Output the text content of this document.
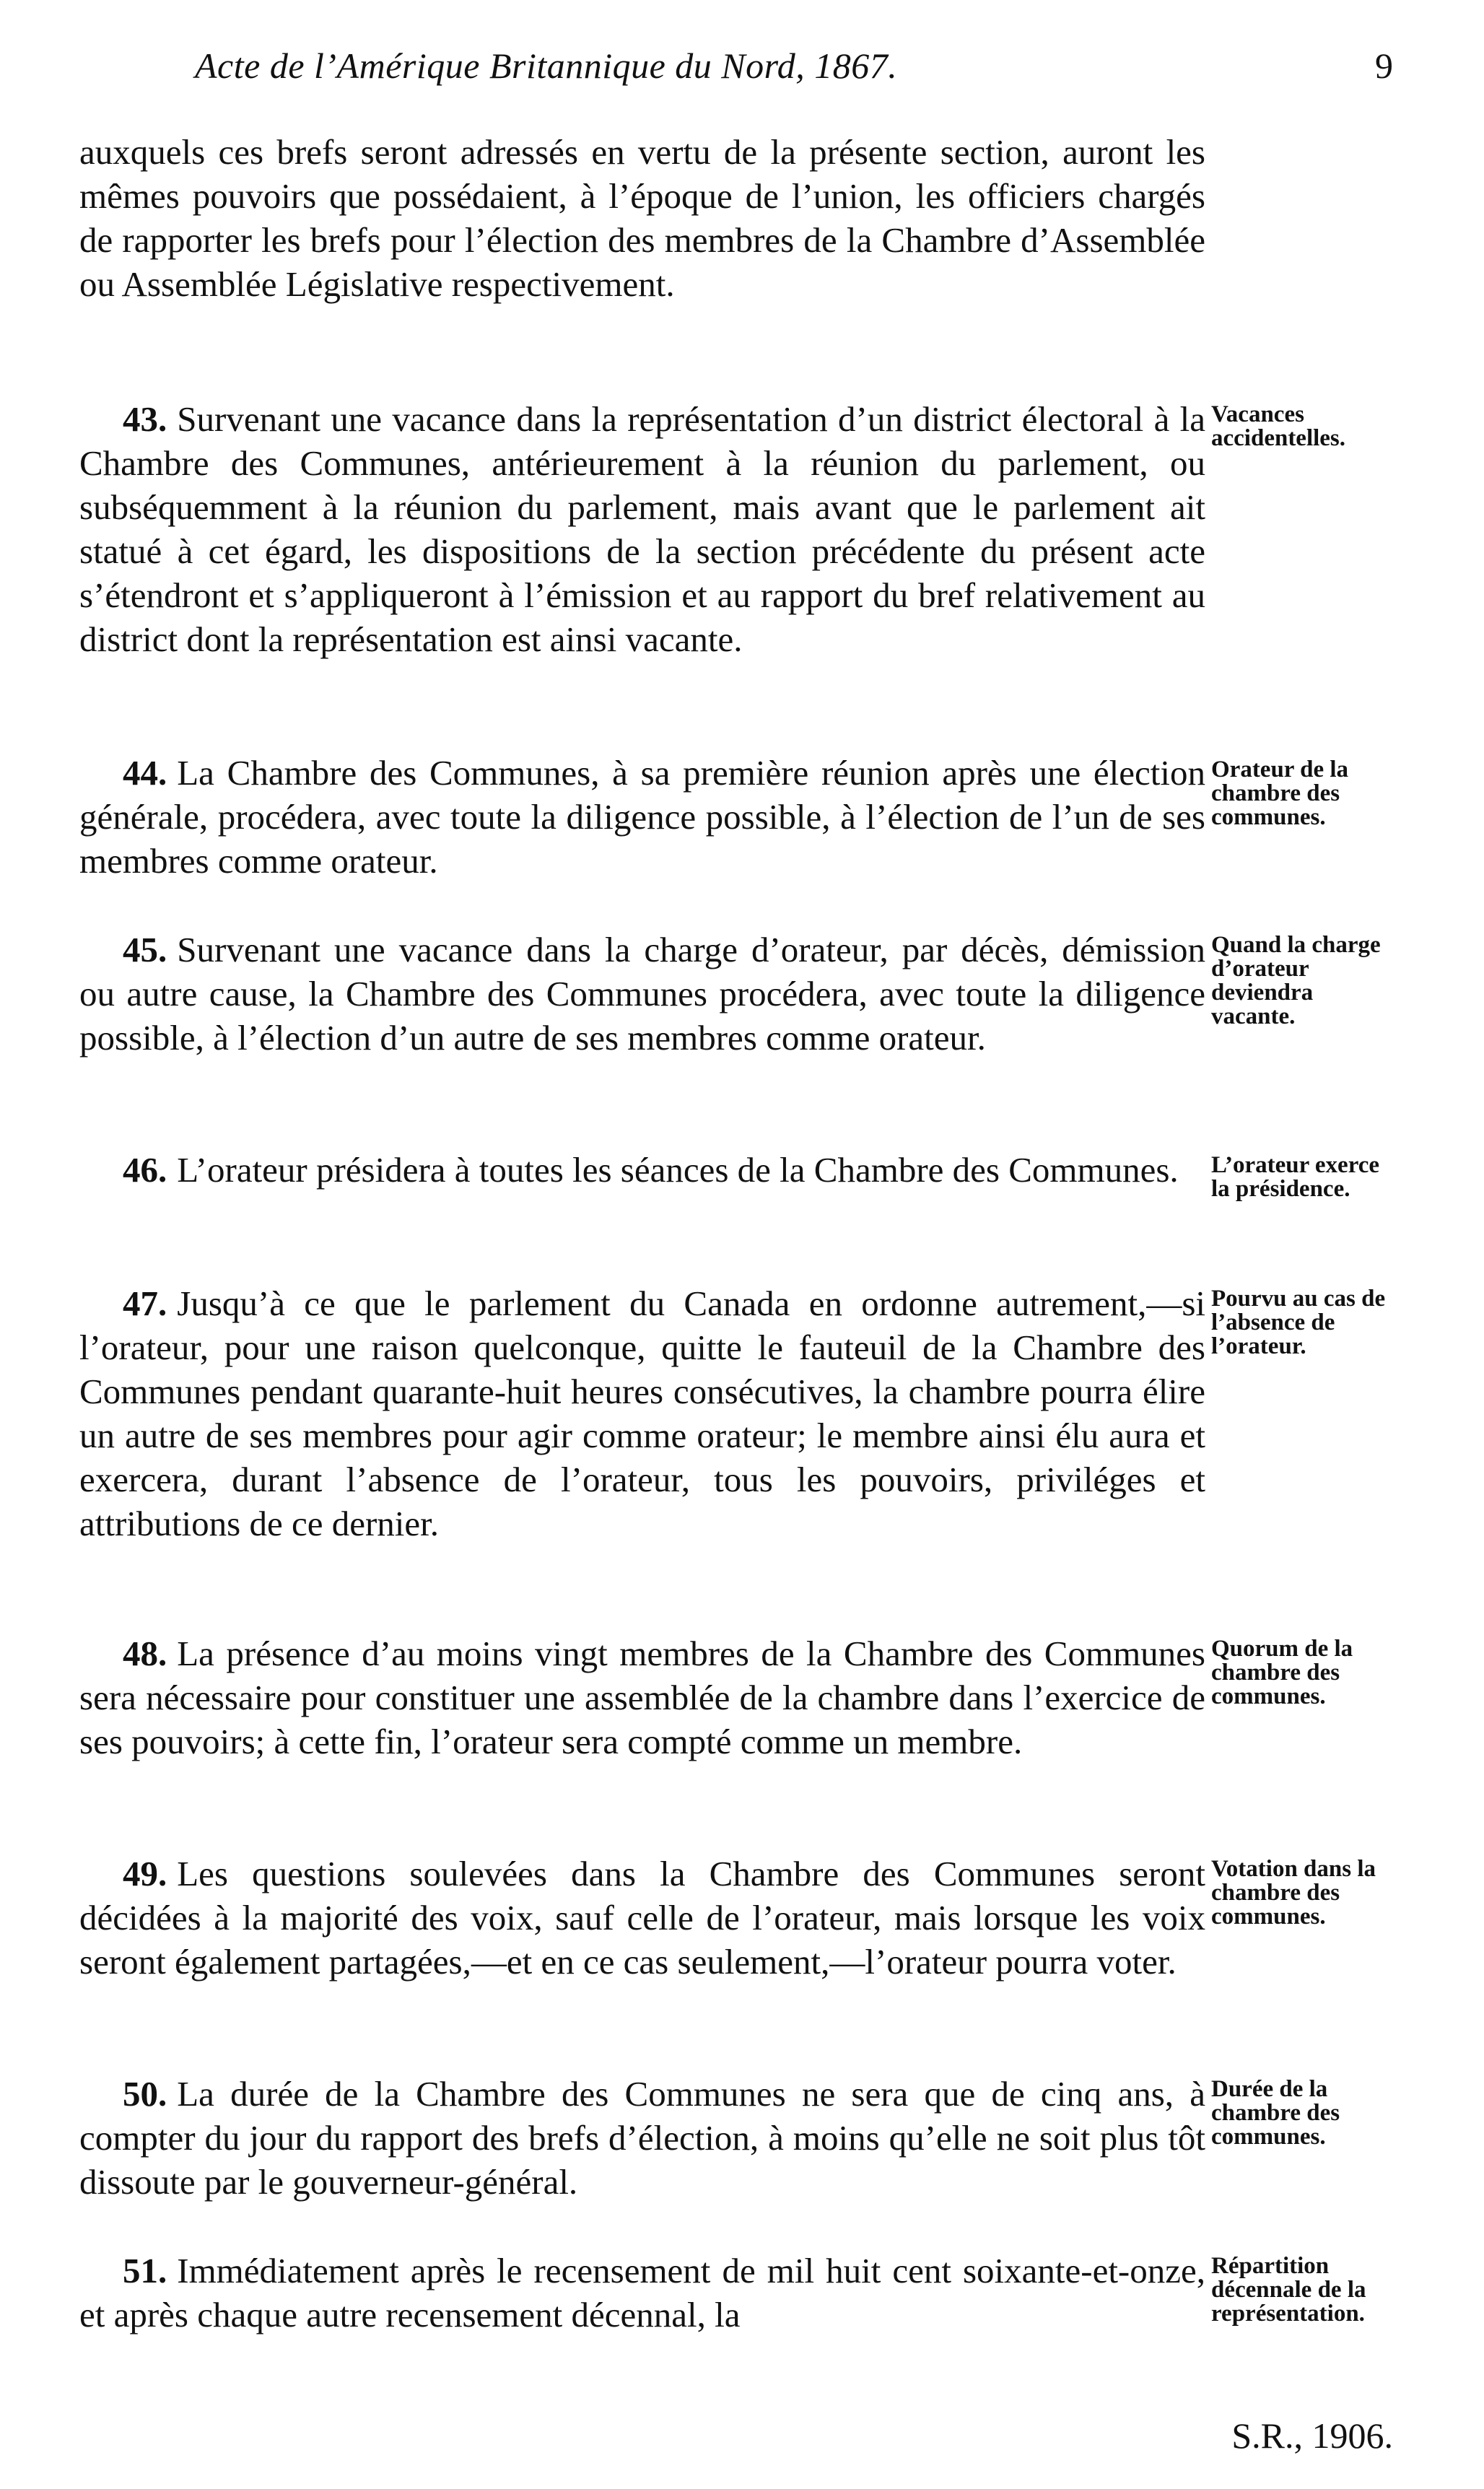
Acte de l’Amérique Britannique du Nord, 1867.	9

auxquels ces brefs seront adressés en vertu de la présente section, auront les mêmes pouvoirs que possédaient, à l’époque de l’union, les officiers chargés de rapporter les brefs pour l’élection des membres de la Chambre d’Assemblée ou Assemblée Législative respectivement.

43. Survenant une vacance dans la représentation d’un district électoral à la Chambre des Communes, antérieurement à la réunion du parlement, ou subséquemment à la réunion du parlement, mais avant que le parlement ait statué à cet égard, les dispositions de la section précédente du présent acte s’étendront et s’appliqueront à l’émission et au rapport du bref relativement au district dont la représentation est ainsi vacante.

44. La Chambre des Communes, à sa première réunion après une élection générale, procédera, avec toute la diligence possible, à l’élection de l’un de ses membres comme orateur.

45. Survenant une vacance dans la charge d’orateur, par décès, démission ou autre cause, la Chambre des Communes procédera, avec toute la diligence possible, à l’élection d’un autre de ses membres comme orateur.

46. L’orateur présidera à toutes les séances de la Chambre des Communes.

47. Jusqu’à ce que le parlement du Canada en ordonne autrement,—si l’orateur, pour une raison quelconque, quitte le fauteuil de la Chambre des Communes pendant quarante-huit heures consécutives, la chambre pourra élire un autre de ses membres pour agir comme orateur; le membre ainsi élu aura et exercera, durant l’absence de l’orateur, tous les pouvoirs, priviléges et attributions de ce dernier.

48. La présence d’au moins vingt membres de la Chambre des Communes sera nécessaire pour constituer une assemblée de la chambre dans l’exercice de ses pouvoirs; à cette fin, l’orateur sera compté comme un membre.

49. Les questions soulevées dans la Chambre des Communes seront décidées à la majorité des voix, sauf celle de l’orateur, mais lorsque les voix seront également partagées,—et en ce cas seulement,—l’orateur pourra voter.

50. La durée de la Chambre des Communes ne sera que de cinq ans, à compter du jour du rapport des brefs d’élection, à moins qu’elle ne soit plus tôt dissoute par le gouverneur-général.

51. Immédiatement après le recensement de mil huit cent soixante-et-onze, et après chaque autre recensement décennal, la

Vacances accidentelles.

Orateur de la chambre des communes.

Quand la charge d’orateur deviendra vacante.

L’orateur exerce la présidence.

Pourvu au cas de l’absence de l’orateur.

Quorum de la chambre des communes.

Votation dans la chambre des communes.

Durée de la chambre des communes.

Répartition décennale de la représentation.

S.R., 1906.
